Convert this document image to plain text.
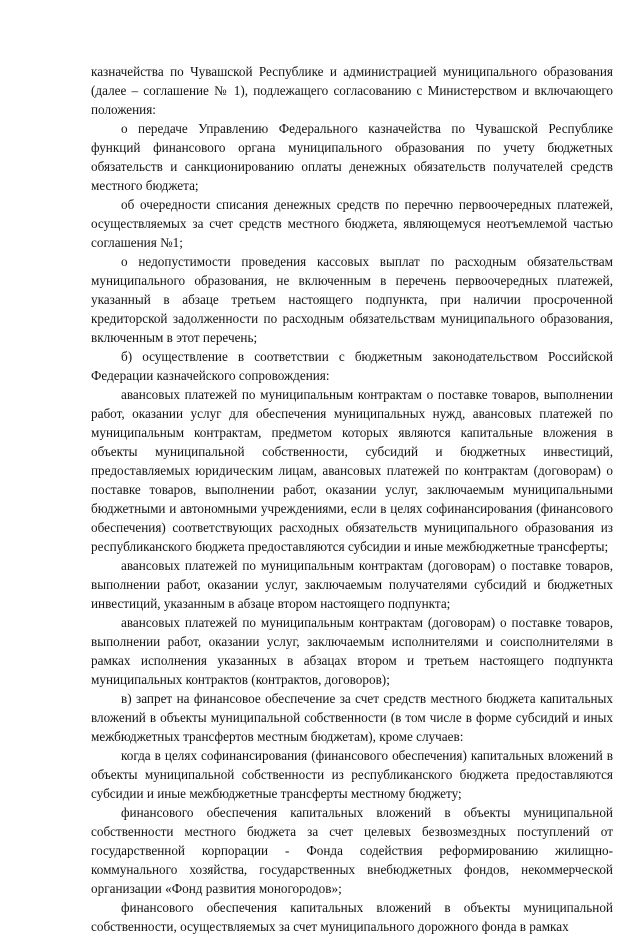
казначейства по Чувашской Республике и администрацией муниципального образования (далее – соглашение № 1), подлежащего согласованию с Министерством и включающего положения:

о передаче Управлению Федерального казначейства по Чувашской Республике функций финансового органа муниципального образования по учету бюджетных обязательств и санкционированию оплаты денежных обязательств получателей средств местного бюджета;

об очередности списания денежных средств по перечню первоочередных платежей, осуществляемых за счет средств местного бюджета, являющемуся неотъемлемой частью соглашения №1;

о недопустимости проведения кассовых выплат по расходным обязательствам муниципального образования, не включенным в перечень первоочередных платежей, указанный в абзаце третьем настоящего подпункта, при наличии просроченной кредиторской задолженности по расходным обязательствам муниципального образования, включенным в этот перечень;

б) осуществление в соответствии с бюджетным законодательством Российской Федерации казначейского сопровождения:

авансовых платежей по муниципальным контрактам о поставке товаров, выполнении работ, оказании услуг для обеспечения муниципальных нужд, авансовых платежей по муниципальным контрактам, предметом которых являются капитальные вложения в объекты муниципальной собственности, субсидий и бюджетных инвестиций, предоставляемых юридическим лицам, авансовых платежей по контрактам (договорам) о поставке товаров, выполнении работ, оказании услуг, заключаемым муниципальными бюджетными и автономными учреждениями, если в целях софинансирования (финансового обеспечения) соответствующих расходных обязательств муниципального образования из республиканского бюджета предоставляются субсидии и иные межбюджетные трансферты;

авансовых платежей по муниципальным контрактам (договорам) о поставке товаров, выполнении работ, оказании услуг, заключаемым получателями субсидий и бюджетных инвестиций, указанным в абзаце втором настоящего подпункта;

авансовых платежей по муниципальным контрактам (договорам) о поставке товаров, выполнении работ, оказании услуг, заключаемым исполнителями и соисполнителями в рамках исполнения указанных в абзацах втором и третьем настоящего подпункта муниципальных контрактов (контрактов, договоров);

в) запрет на финансовое обеспечение за счет средств местного бюджета капитальных вложений в объекты муниципальной собственности (в том числе в форме субсидий и иных межбюджетных трансфертов местным бюджетам), кроме случаев:

когда в целях софинансирования (финансового обеспечения) капитальных вложений в объекты муниципальной собственности из республиканского бюджета предоставляются субсидии и иные межбюджетные трансферты местному бюджету;

финансового обеспечения капитальных вложений в объекты муниципальной собственности местного бюджета за счет целевых безвозмездных поступлений от государственной корпорации - Фонда содействия реформированию жилищно-коммунального хозяйства, государственных внебюджетных фондов, некоммерческой организации «Фонд развития моногородов»;

финансового обеспечения капитальных вложений в объекты муниципальной собственности, осуществляемых за счет муниципального дорожного фонда в рамках
